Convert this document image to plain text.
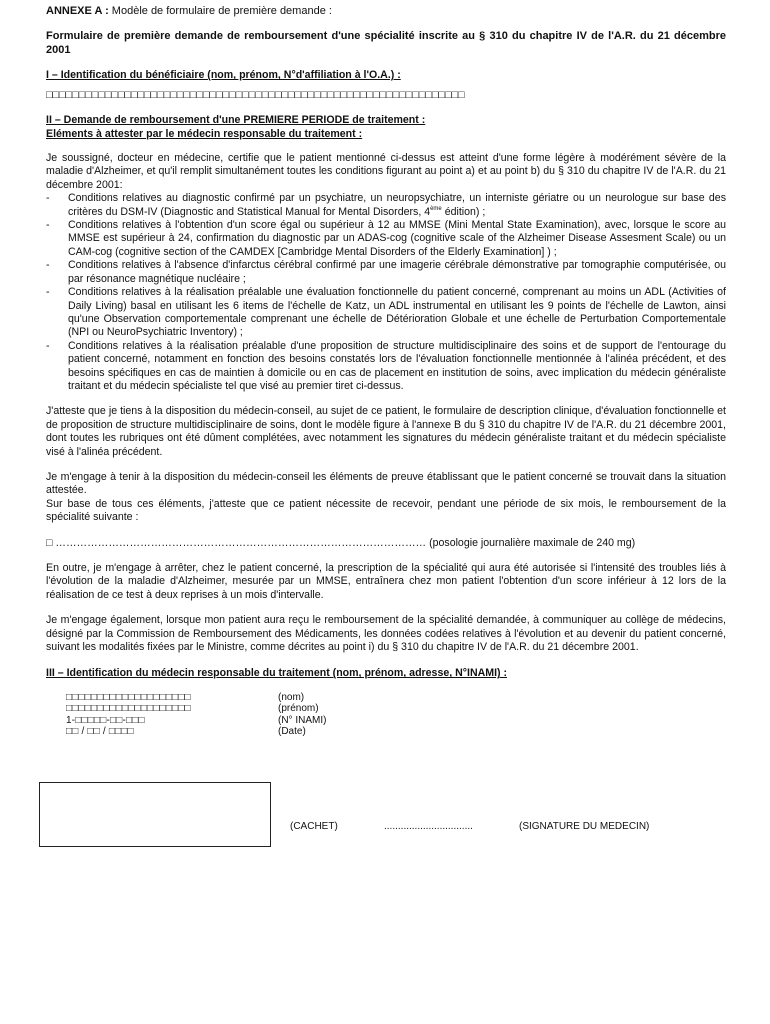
ANNEXE A : Modèle de formulaire de première demande :

Formulaire de première demande de remboursement d'une spécialité inscrite au § 310 du chapitre IV de l'A.R. du 21 décembre 2001

I – Identification du bénéficiaire (nom, prénom, N°d'affiliation à l'O.A.) :

□□□□□□□□□□□□□□□□□□□□□□□□□□□□□□□□□□□□□□□□□□□□□□□□□□□□□□□□□□□□□□□□

II – Demande de remboursement d'une PREMIERE PERIODE de traitement :

Eléments à attester par le médecin responsable du traitement :

Je soussigné, docteur en médecine, certifie que le patient mentionné ci-dessus est atteint d'une forme légère à modérément sévère de la maladie d'Alzheimer, et qu'il remplit simultanément toutes les conditions figurant au point a) et au point b) du § 310 du chapitre IV de l'A.R. du 21 décembre 2001:

- Conditions relatives au diagnostic confirmé par un psychiatre, un neuropsychiatre, un interniste gériatre ou un neurologue sur base des critères du DSM-IV (Diagnostic and Statistical Manual for Mental Disorders, 4ème édition) ;
- Conditions relatives à l'obtention d'un score égal ou supérieur à 12 au MMSE (Mini Mental State Examination), avec, lorsque le score au MMSE est supérieur à 24, confirmation du diagnostic par un ADAS-cog (cognitive scale of the Alzheimer Disease Assesment Scale) ou un CAM-cog (cognitive section of the CAMDEX [Cambridge Mental Disorders of the Elderly Examination] ) ;
- Conditions relatives à l'absence d'infarctus cérébral confirmé par une imagerie cérébrale démonstrative par tomographie computérisée, ou par résonance magnétique nucléaire ;
- Conditions relatives à la réalisation préalable une évaluation fonctionnelle du patient concerné, comprenant au moins un ADL (Activities of Daily Living) basal en utilisant les 6 items de l'échelle de Katz, un ADL instrumental en utilisant les 9 points de l'échelle de Lawton, ainsi qu'une Observation comportementale comprenant une échelle de Détérioration Globale et une échelle de Perturbation Comportementale (NPI ou NeuroPsychiatric Inventory) ;
- Conditions relatives à la réalisation préalable d'une proposition de structure multidisciplinaire des soins et de support de l'entourage du patient concerné, notamment en fonction des besoins constatés lors de l'évaluation fonctionnelle mentionnée à l'alinéa précédent, et des besoins spécifiques en cas de maintien à domicile ou en cas de placement en institution de soins, avec implication du médecin généraliste traitant et du médecin spécialiste tel que visé au premier tiret ci-dessus.

J'atteste que je tiens à la disposition du médecin-conseil, au sujet de ce patient, le formulaire de description clinique, d'évaluation fonctionnelle et de proposition de structure multidisciplinaire de soins, dont le modèle figure à l'annexe B du § 310 du chapitre IV de l'A.R. du 21 décembre 2001, dont toutes les rubriques ont été dûment complétées, avec notamment les signatures du médecin généraliste traitant et du médecin spécialiste visé à l'alinéa précédent.

Je m'engage à tenir à la disposition du médecin-conseil les éléments de preuve établissant que le patient concerné se trouvait dans la situation attestée.

Sur base de tous ces éléments, j'atteste que ce patient nécessite de recevoir, pendant une période de six mois, le remboursement de la spécialité suivante :

□ …………………………………………………………………………………………… (posologie journalière maximale de 240 mg)

En outre, je m'engage à arrêter, chez le patient concerné, la prescription de la spécialité qui aura été autorisée si l'intensité des troubles liés à l'évolution de la maladie d'Alzheimer, mesurée par un MMSE, entraînera chez mon patient l'obtention d'un score inférieur à 12 lors de la réalisation de ce test à deux reprises à un mois d'intervalle.

Je m'engage également, lorsque mon patient aura reçu le remboursement de la spécialité demandée, à communiquer au collège de médecins, désigné par la Commission de Remboursement des Médicaments, les données codées relatives à l'évolution et au devenir du patient concerné, suivant les modalités fixées par le Ministre, comme décrites au point i) du § 310 du chapitre IV de l'A.R. du 21 décembre 2001.

III – Identification du médecin responsable du traitement (nom, prénom, adresse, N°INAMI) :

□□□□□□□□□□□□□□□□□□□□
□□□□□□□□□□□□□□□□□□□□
1-□□□□□-□□-□□□
□□ / □□ / □□□□
(nom)
(prénom)
(N° INAMI)
(Date)
(CACHET)	................................	(SIGNATURE DU MEDECIN)
